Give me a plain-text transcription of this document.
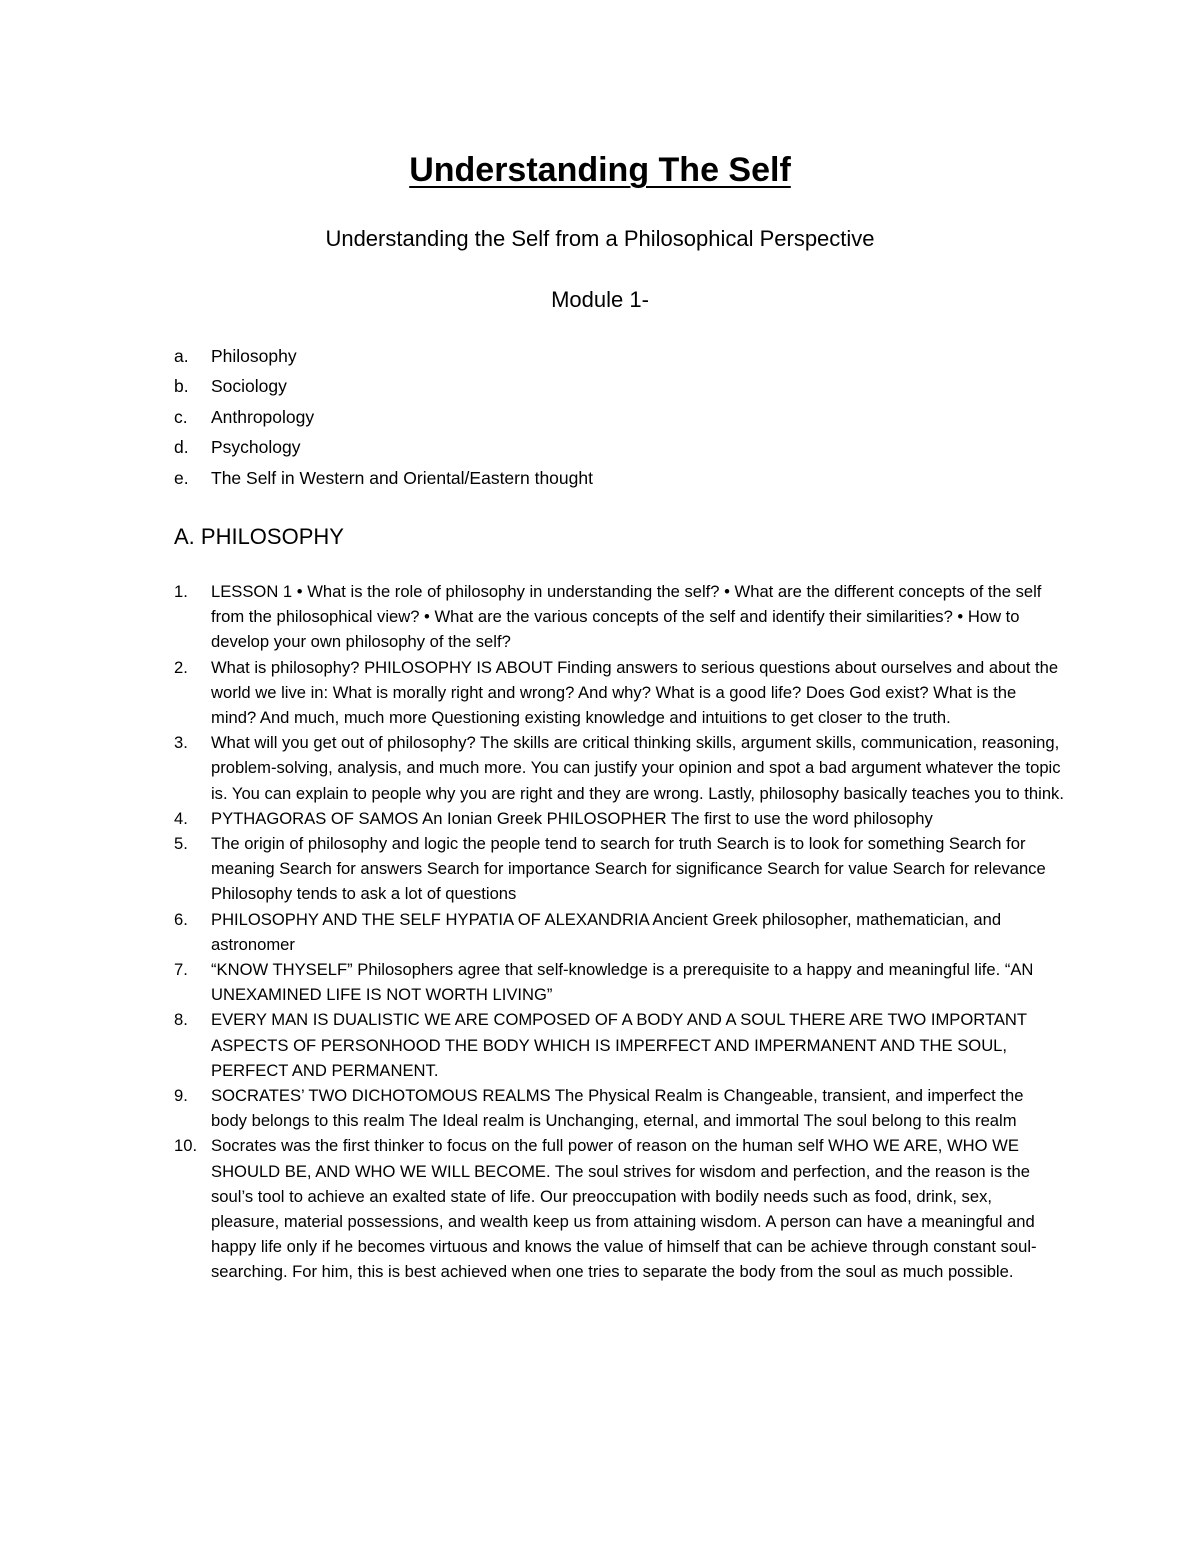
Understanding The Self
Understanding the Self from a Philosophical Perspective
Module 1-
a. Philosophy
b. Sociology
c. Anthropology
d. Psychology
e. The Self in Western and Oriental/Eastern thought
A. PHILOSOPHY
1. LESSON 1 • What is the role of philosophy in understanding the self? • What are the different concepts of the self from the philosophical view? • What are the various concepts of the self and identify their similarities? • How to develop your own philosophy of the self?
2. What is philosophy? PHILOSOPHY IS ABOUT Finding answers to serious questions about ourselves and about the world we live in: What is morally right and wrong? And why? What is a good life? Does God exist? What is the mind? And much, much more Questioning existing knowledge and intuitions to get closer to the truth.
3. What will you get out of philosophy? The skills are critical thinking skills, argument skills, communication, reasoning, problem-solving, analysis, and much more. You can justify your opinion and spot a bad argument whatever the topic is. You can explain to people why you are right and they are wrong. Lastly, philosophy basically teaches you to think.
4. PYTHAGORAS OF SAMOS An Ionian Greek PHILOSOPHER The first to use the word philosophy
5. The origin of philosophy and logic the people tend to search for truth Search is to look for something Search for meaning Search for answers Search for importance Search for significance Search for value Search for relevance Philosophy tends to ask a lot of questions
6. PHILOSOPHY AND THE SELF HYPATIA OF ALEXANDRIA Ancient Greek philosopher, mathematician, and astronomer
7. “KNOW THYSELF” Philosophers agree that self-knowledge is a prerequisite to a happy and meaningful life. “AN UNEXAMINED LIFE IS NOT WORTH LIVING”
8. EVERY MAN IS DUALISTIC WE ARE COMPOSED OF A BODY AND A SOUL THERE ARE TWO IMPORTANT ASPECTS OF PERSONHOOD THE BODY WHICH IS IMPERFECT AND IMPERMANENT AND THE SOUL, PERFECT AND PERMANENT.
9. SOCRATES’ TWO DICHOTOMOUS REALMS The Physical Realm is Changeable, transient, and imperfect the body belongs to this realm The Ideal realm is Unchanging, eternal, and immortal The soul belong to this realm
10. Socrates was the first thinker to focus on the full power of reason on the human self WHO WE ARE, WHO WE SHOULD BE, AND WHO WE WILL BECOME. The soul strives for wisdom and perfection, and the reason is the soul’s tool to achieve an exalted state of life. Our preoccupation with bodily needs such as food, drink, sex, pleasure, material possessions, and wealth keep us from attaining wisdom. A person can have a meaningful and happy life only if he becomes virtuous and knows the value of himself that can be achieve through constant soul-searching. For him, this is best achieved when one tries to separate the body from the soul as much possible.
